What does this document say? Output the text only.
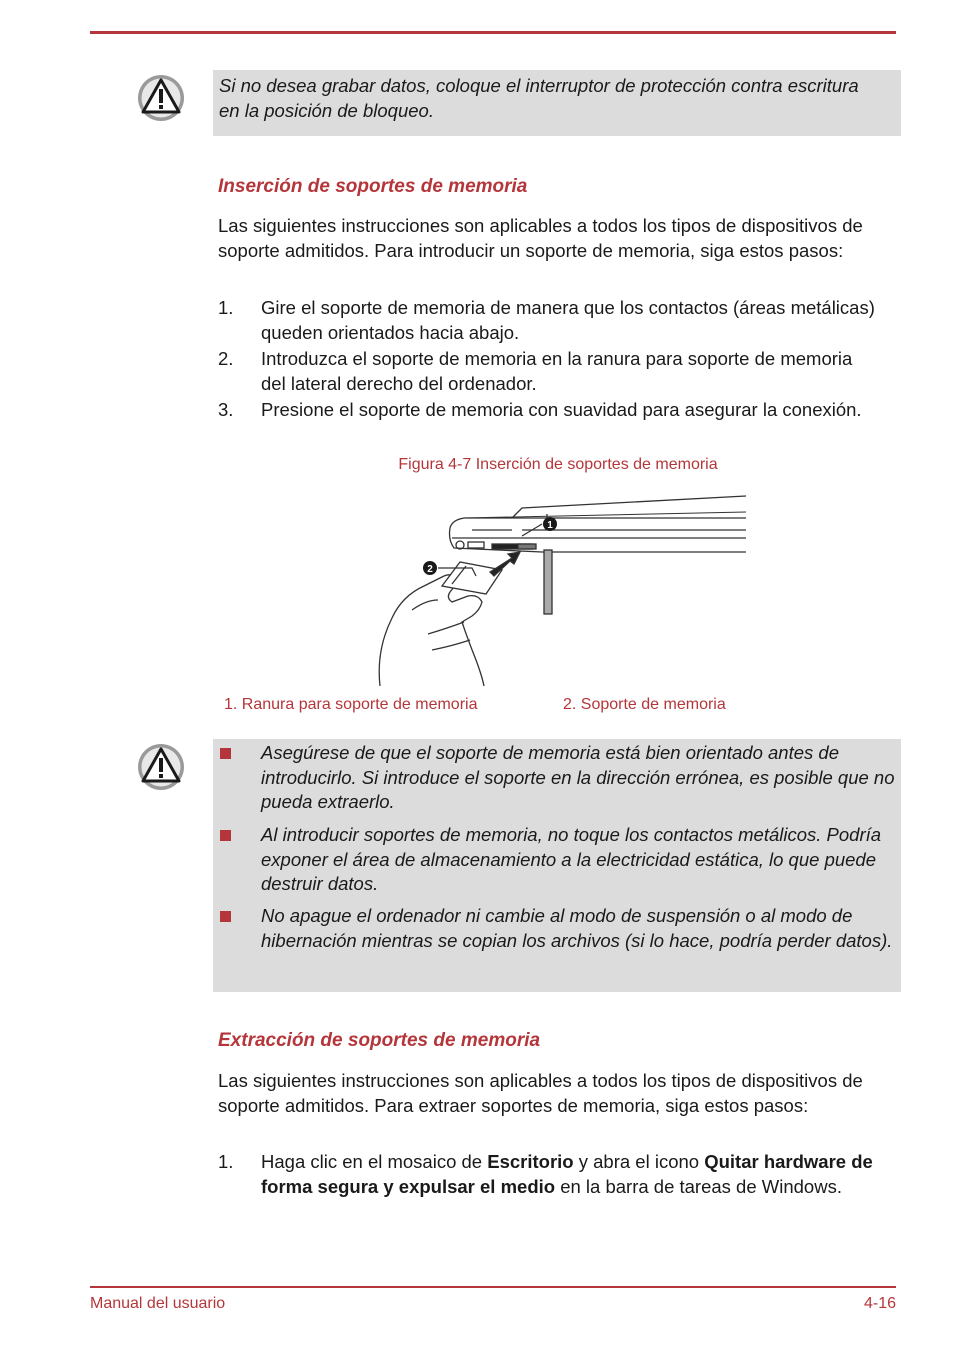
Si no desea grabar datos, coloque el interruptor de protección contra escritura en la posición de bloqueo.

Inserción de soportes de memoria

Las siguientes instrucciones son aplicables a todos los tipos de dispositivos de soporte admitidos. Para introducir un soporte de memoria, siga estos pasos:

1. Gire el soporte de memoria de manera que los contactos (áreas metálicas) queden orientados hacia abajo.
2. Introduzca el soporte de memoria en la ranura para soporte de memoria del lateral derecho del ordenador.
3. Presione el soporte de memoria con suavidad para asegurar la conexión.

Figura 4-7 Inserción de soportes de memoria

1
2
1. Ranura para soporte de memoria	2. Soporte de memoria
Asegúrese de que el soporte de memoria está bien orientado antes de introducirlo. Si introduce el soporte en la dirección errónea, es posible que no pueda extraerlo.
Al introducir soportes de memoria, no toque los contactos metálicos. Podría exponer el área de almacenamiento a la electricidad estática, lo que puede destruir datos.
No apague el ordenador ni cambie al modo de suspensión o al modo de hibernación mientras se copian los archivos (si lo hace, podría perder datos).
Extracción de soportes de memoria

Las siguientes instrucciones son aplicables a todos los tipos de dispositivos de soporte admitidos. Para extraer soportes de memoria, siga estos pasos:

1. Haga clic en el mosaico de Escritorio y abra el icono Quitar hardware de forma segura y expulsar el medio en la barra de tareas de Windows.
Manual del usuario	4-16
